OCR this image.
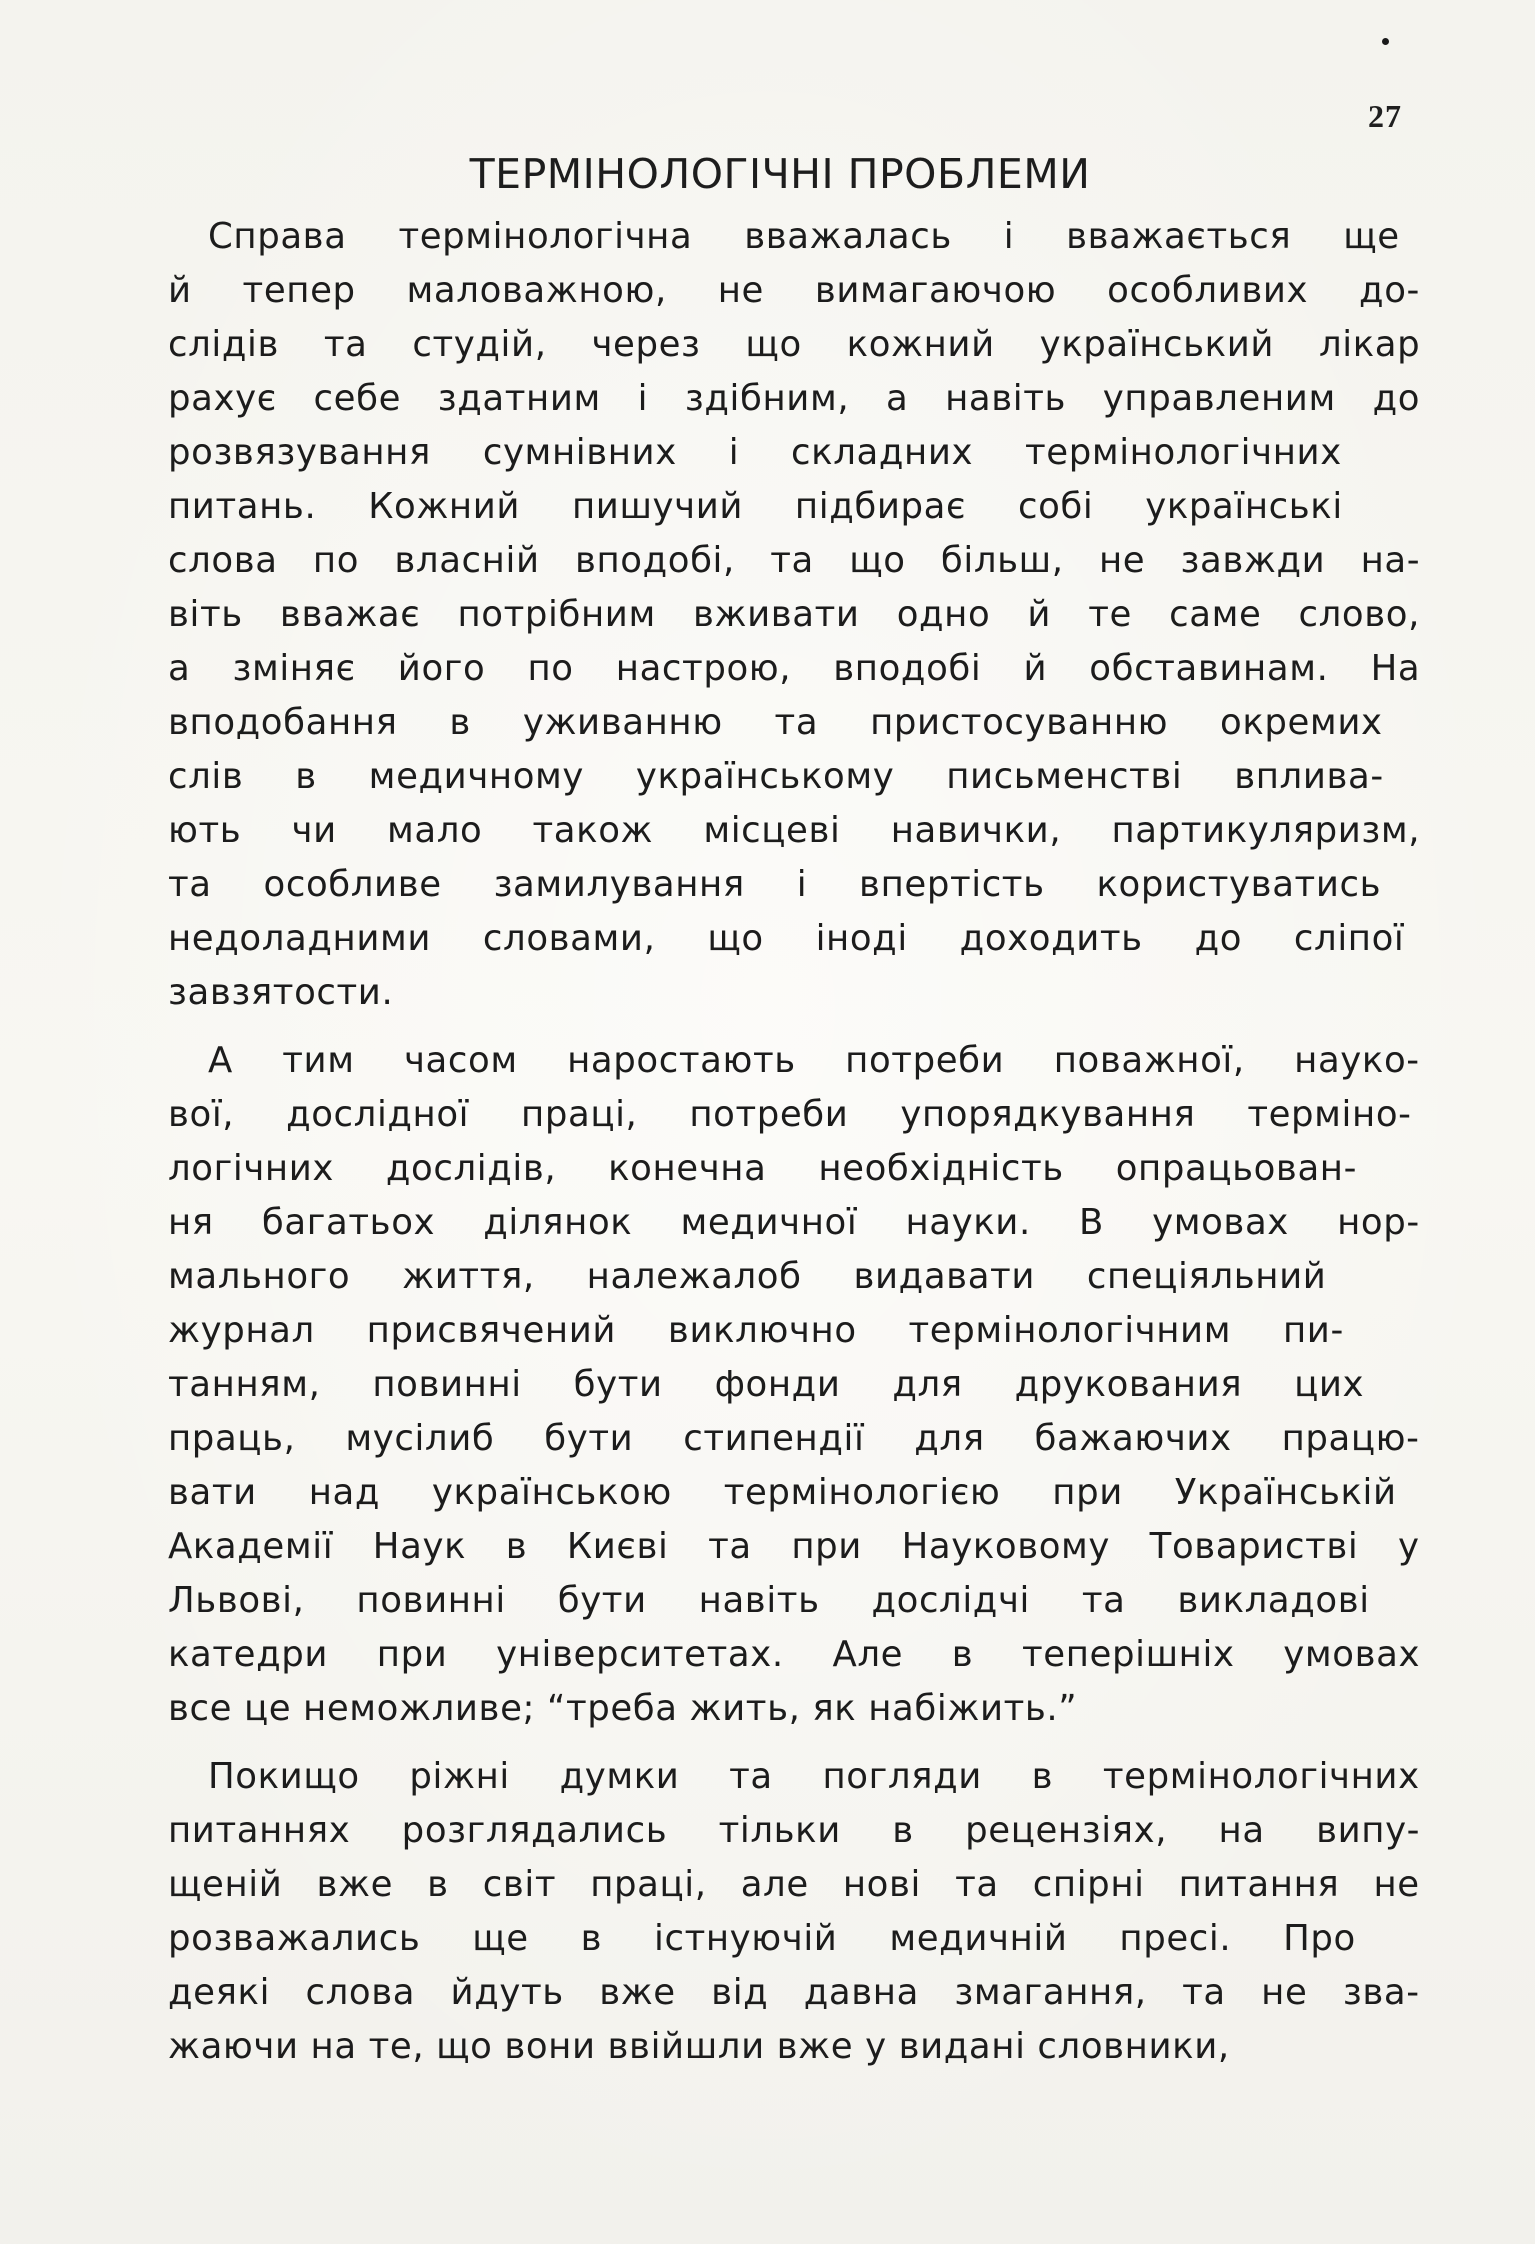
27
ТЕРМІНОЛОГІЧНІ ПРОБЛЕМИ
Справа термінологічна вважалась і вважається ще
й тепер маловажною, не вимагаючою особливих до-
слідів та студій, через що кожний український лікар
рахує себе здатним і здібним, а навіть управленим до
розвязування сумнівних і складних термінологічних
питань. Кожний пишучий підбирає собі українські
слова по власній вподобі, та що більш, не завжди на-
віть вважає потрібним вживати одно й те саме слово,
а зміняє його по настрою, вподобі й обставинам. На
вподобання в уживанню та пристосуванню окремих
слів в медичному українському письменстві вплива-
ють чи мало також місцеві навички, партикуляризм,
та особливе замилування і впертість користуватись
недоладними словами, що іноді доходить до сліпої
завзятости.
А тим часом наростають потреби поважної, науко-
вої, дослідної праці, потреби упорядкування терміно-
логічних дослідів, конечна необхідність опрацьован-
ня багатьох ділянок медичної науки. В умовах нор-
мального життя, належалоб видавати спеціяльний
журнал присвячений виключно термінологічним пи-
танням, повинні бути фонди для друкования цих
праць, мусілиб бути стипендії для бажаючих працю-
вати над українською термінологією при Українській
Академії Наук в Києві та при Науковому Товаристві у
Львові, повинні бути навіть дослідчі та викладові
катедри при університетах. Але в теперішніх умовах
все це неможливе; “треба жить, як набіжить.”
Покищо ріжні думки та погляди в термінологічних
питаннях розглядались тільки в рецензіях, на випу-
щеній вже в світ праці, але нові та спірні питання не
розважались ще в істнуючій медичній пресі. Про
деякі слова йдуть вже від давна змагання, та не зва-
жаючи на те, що вони ввійшли вже у видані словники,
